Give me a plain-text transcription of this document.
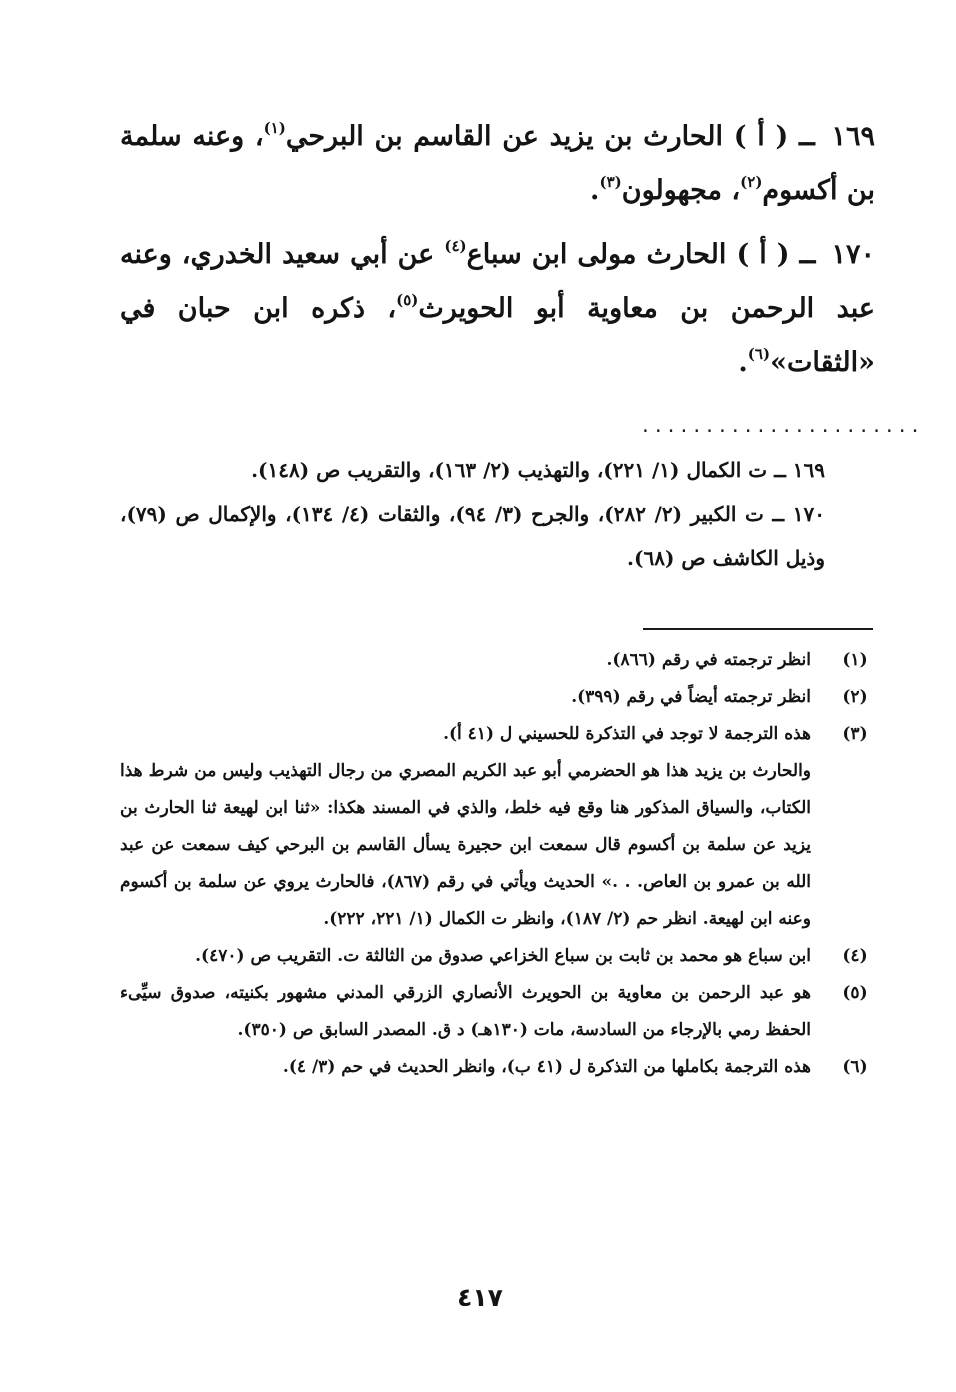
١٦٩ ــ ( أ ) الحارث بن يزيد عن القاسم بن البرحي$^{(١)}$، وعنه سلمة بن أكسوم$^{(٢)}$، مجهولون$^{(٣)}$.

١٧٠ ــ ( أ ) الحارث مولى ابن سباع$^{(٤)}$ عن أبي سعيد الخدري، وعنه عبد الرحمن بن معاوية أبو الحويرث$^{(٥)}$، ذكره ابن حبان في «الثقات»$^{(٦)}$.

......................

١٦٩ ــ ت الكمال (١/ ٢٢١)، والتهذيب (٢/ ١٦٣)، والتقريب ص (١٤٨).

١٧٠ ــ ت الكبير (٢/ ٢٨٢)، والجرح (٣/ ٩٤)، والثقات (٤/ ١٣٤)، والإكمال ص (٧٩)، وذيل الكاشف ص (٦٨).

(١)
انظر ترجمته في رقم (٨٦٦).
(٢)
انظر ترجمته أيضاً في رقم (٣٩٩).
(٣)
هذه الترجمة لا توجد في التذكرة للحسيني ل (٤١ أ).
والحارث بن يزيد هذا هو الحضرمي أبو عبد الكريم المصري من رجال التهذيب وليس من شرط هذا الكتاب، والسياق المذكور هنا وقع فيه خلط، والذي في المسند هكذا: «ثنا ابن لهيعة ثنا الحارث بن يزيد عن سلمة بن أكسوم قال سمعت ابن حجيرة يسأل القاسم بن البرحي كيف سمعت عن عبد الله بن عمرو بن العاص. . .» الحديث ويأتي في رقم (٨٦٧)، فالحارث يروي عن سلمة بن أكسوم وعنه ابن لهيعة. انظر حم (٢/ ١٨٧)، وانظر ت الكمال (١/ ٢٢١، ٢٢٢).
(٤)
ابن سباع هو محمد بن ثابت بن سباع الخزاعي صدوق من الثالثة ت. التقريب ص (٤٧٠).
(٥)
هو عبد الرحمن بن معاوية بن الحويرث الأنصاري الزرقي المدني مشهور بكنيته، صدوق سيِّىء الحفظ رمي بالإرجاء من السادسة، مات (١٣٠هـ) د ق. المصدر السابق ص (٣٥٠).
(٦)
هذه الترجمة بكاملها من التذكرة ل (٤١ ب)، وانظر الحديث في حم (٣/ ٤).
٤١٧
